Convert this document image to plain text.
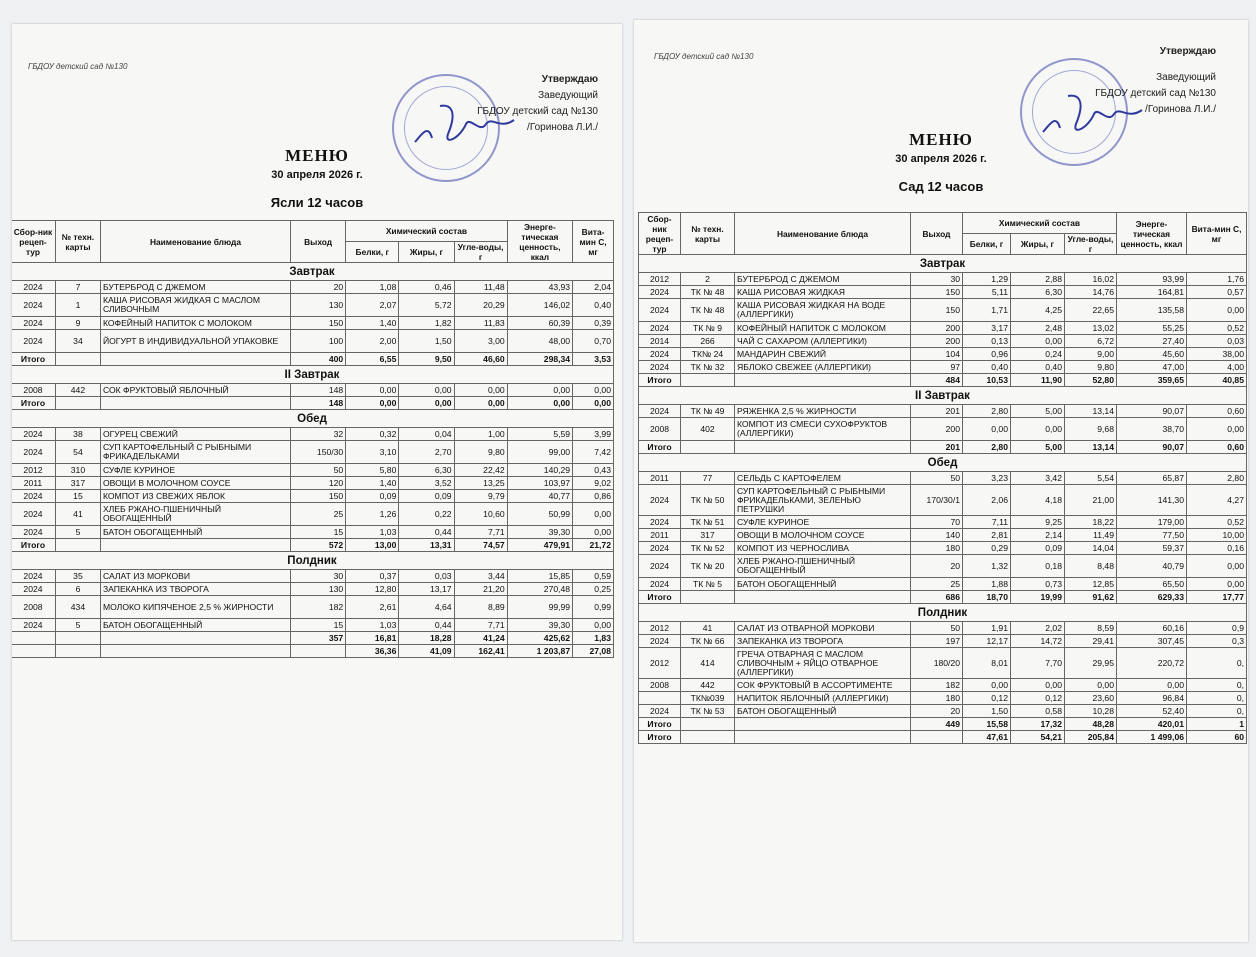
ГБДОУ детский сад №130
Утверждаю
Заведующий
ГБДОУ детский сад №130
/Горинова Л.И./
МЕНЮ
30 апреля 2026 г.
Ясли 12 часов
Сбор-ник рецеп-тур	№ техн. карты	Наименование блюда	Выход	Химический состав			Энерге-тическая ценность, ккал	Вита-мин С, мг
				Белки, г	Жиры, г	Угле-воды, г		
Завтрак								
2024	7	БУТЕРБРОД С ДЖЕМОМ	20	1,08	0,46	11,48	43,93	2,04
2024	1	КАША РИСОВАЯ ЖИДКАЯ С МАСЛОМ СЛИВОЧНЫМ	130	2,07	5,72	20,29	146,02	0,40
2024	9	КОФЕЙНЫЙ НАПИТОК С МОЛОКОМ	150	1,40	1,82	11,83	60,39	0,39
2024	34	ЙОГУРТ В ИНДИВИДУАЛЬНОЙ УПАКОВКЕ	100	2,00	1,50	3,00	48,00	0,70
Итого			400	6,55	9,50	46,60	298,34	3,53
II Завтрак								
2008	442	СОК ФРУКТОВЫЙ ЯБЛОЧНЫЙ	148	0,00	0,00	0,00	0,00	0,00
Итого			148	0,00	0,00	0,00	0,00	0,00
Обед								
2024	38	ОГУРЕЦ СВЕЖИЙ	32	0,32	0,04	1,00	5,59	3,99
2024	54	СУП КАРТОФЕЛЬНЫЙ С РЫБНЫМИ ФРИКАДЕЛЬКАМИ	150/30	3,10	2,70	9,80	99,00	7,42
2012	310	СУФЛЕ КУРИНОЕ	50	5,80	6,30	22,42	140,29	0,43
2011	317	ОВОЩИ В МОЛОЧНОМ СОУСЕ	120	1,40	3,52	13,25	103,97	9,02
2024	15	КОМПОТ ИЗ СВЕЖИХ ЯБЛОК	150	0,09	0,09	9,79	40,77	0,86
2024	41	ХЛЕБ РЖАНО-ПШЕНИЧНЫЙ ОБОГАЩЕННЫЙ	25	1,26	0,22	10,60	50,99	0,00
2024	5	БАТОН ОБОГАЩЕННЫЙ	15	1,03	0,44	7,71	39,30	0,00
Итого			572	13,00	13,31	74,57	479,91	21,72
Полдник								
2024	35	САЛАТ ИЗ МОРКОВИ	30	0,37	0,03	3,44	15,85	0,59
2024	6	ЗАПЕКАНКА ИЗ ТВОРОГА	130	12,80	13,17	21,20	270,48	0,25
2008	434	МОЛОКО КИПЯЧЕНОЕ 2,5 % ЖИРНОСТИ	182	2,61	4,64	8,89	99,99	0,99
2024	5	БАТОН ОБОГАЩЕННЫЙ	15	1,03	0,44	7,71	39,30	0,00
			357	16,81	18,28	41,24	425,62	1,83
				36,36	41,09	162,41	1 203,87	27,08
ГБДОУ детский сад №130	Утверждаю
Заведующий
ГБДОУ детский сад №130
/Горинова Л.И./
МЕНЮ
30 апреля 2026 г.
Сад 12 часов
Сбор-ник рецеп-тур	№ техн. карты	Наименование блюда	Выход	Химический состав			Энерге-тическая ценность, ккал	Вита-мин С, мг
				Белки, г	Жиры, г	Угле-воды, г		
Завтрак								
2012	2	БУТЕРБРОД С ДЖЕМОМ	30	1,29	2,88	16,02	93,99	1,76
2024	ТК № 48	КАША РИСОВАЯ ЖИДКАЯ	150	5,11	6,30	14,76	164,81	0,57
2024	ТК № 48	КАША РИСОВАЯ ЖИДКАЯ НА ВОДЕ (АЛЛЕРГИКИ)	150	1,71	4,25	22,65	135,58	0,00
2024	ТК № 9	КОФЕЙНЫЙ НАПИТОК С МОЛОКОМ	200	3,17	2,48	13,02	55,25	0,52
2014	266	ЧАЙ С САХАРОМ (АЛЛЕРГИКИ)	200	0,13	0,00	6,72	27,40	0,03
2024	ТК№ 24	МАНДАРИН СВЕЖИЙ	104	0,96	0,24	9,00	45,60	38,00
2024	ТК № 32	ЯБЛОКО СВЕЖЕЕ (АЛЛЕРГИКИ)	97	0,40	0,40	9,80	47,00	4,00
Итого			484	10,53	11,90	52,80	359,65	40,85
II Завтрак								
2024	ТК № 49	РЯЖЕНКА 2,5 % ЖИРНОСТИ	201	2,80	5,00	13,14	90,07	0,60
2008	402	КОМПОТ ИЗ СМЕСИ СУХОФРУКТОВ (АЛЛЕРГИКИ)	200	0,00	0,00	9,68	38,70	0,00
Итого			201	2,80	5,00	13,14	90,07	0,60
Обед								
2011	77	СЕЛЬДЬ С КАРТОФЕЛЕМ	50	3,23	3,42	5,54	65,87	2,80
2024	ТК № 50	СУП КАРТОФЕЛЬНЫЙ С РЫБНЫМИ ФРИКАДЕЛЬКАМИ, ЗЕЛЕНЬЮ ПЕТРУШКИ	170/30/1	2,06	4,18	21,00	141,30	4,27
2024	ТК № 51	СУФЛЕ КУРИНОЕ	70	7,11	9,25	18,22	179,00	0,52
2011	317	ОВОЩИ В МОЛОЧНОМ СОУСЕ	140	2,81	2,14	11,49	77,50	10,00
2024	ТК № 52	КОМПОТ ИЗ ЧЕРНОСЛИВА	180	0,29	0,09	14,04	59,37	0,16
2024	ТК № 20	ХЛЕБ РЖАНО-ПШЕНИЧНЫЙ ОБОГАЩЕННЫЙ	20	1,32	0,18	8,48	40,79	0,00
2024	ТК № 5	БАТОН ОБОГАЩЕННЫЙ	25	1,88	0,73	12,85	65,50	0,00
Итого			686	18,70	19,99	91,62	629,33	17,77
Полдник								
2012	41	САЛАТ ИЗ ОТВАРНОЙ МОРКОВИ	50	1,91	2,02	8,59	60,16	0,9
2024	ТК № 66	ЗАПЕКАНКА ИЗ ТВОРОГА	197	12,17	14,72	29,41	307,45	0,3
2012	414	ГРЕЧА ОТВАРНАЯ С МАСЛОМ СЛИВОЧНЫМ + ЯЙЦО ОТВАРНОЕ (АЛЛЕРГИКИ)	180/20	8,01	7,70	29,95	220,72	0,
2008	442	СОК ФРУКТОВЫЙ В АССОРТИМЕНТЕ	182	0,00	0,00	0,00	0,00	0,
	ТК№039	НАПИТОК ЯБЛОЧНЫЙ (АЛЛЕРГИКИ)	180	0,12	0,12	23,60	96,84	0,
2024	ТК № 53	БАТОН ОБОГАЩЕННЫЙ	20	1,50	0,58	10,28	52,40	0,
Итого			449	15,58	17,32	48,28	420,01	1
Итого				47,61	54,21	205,84	1 499,06	60
